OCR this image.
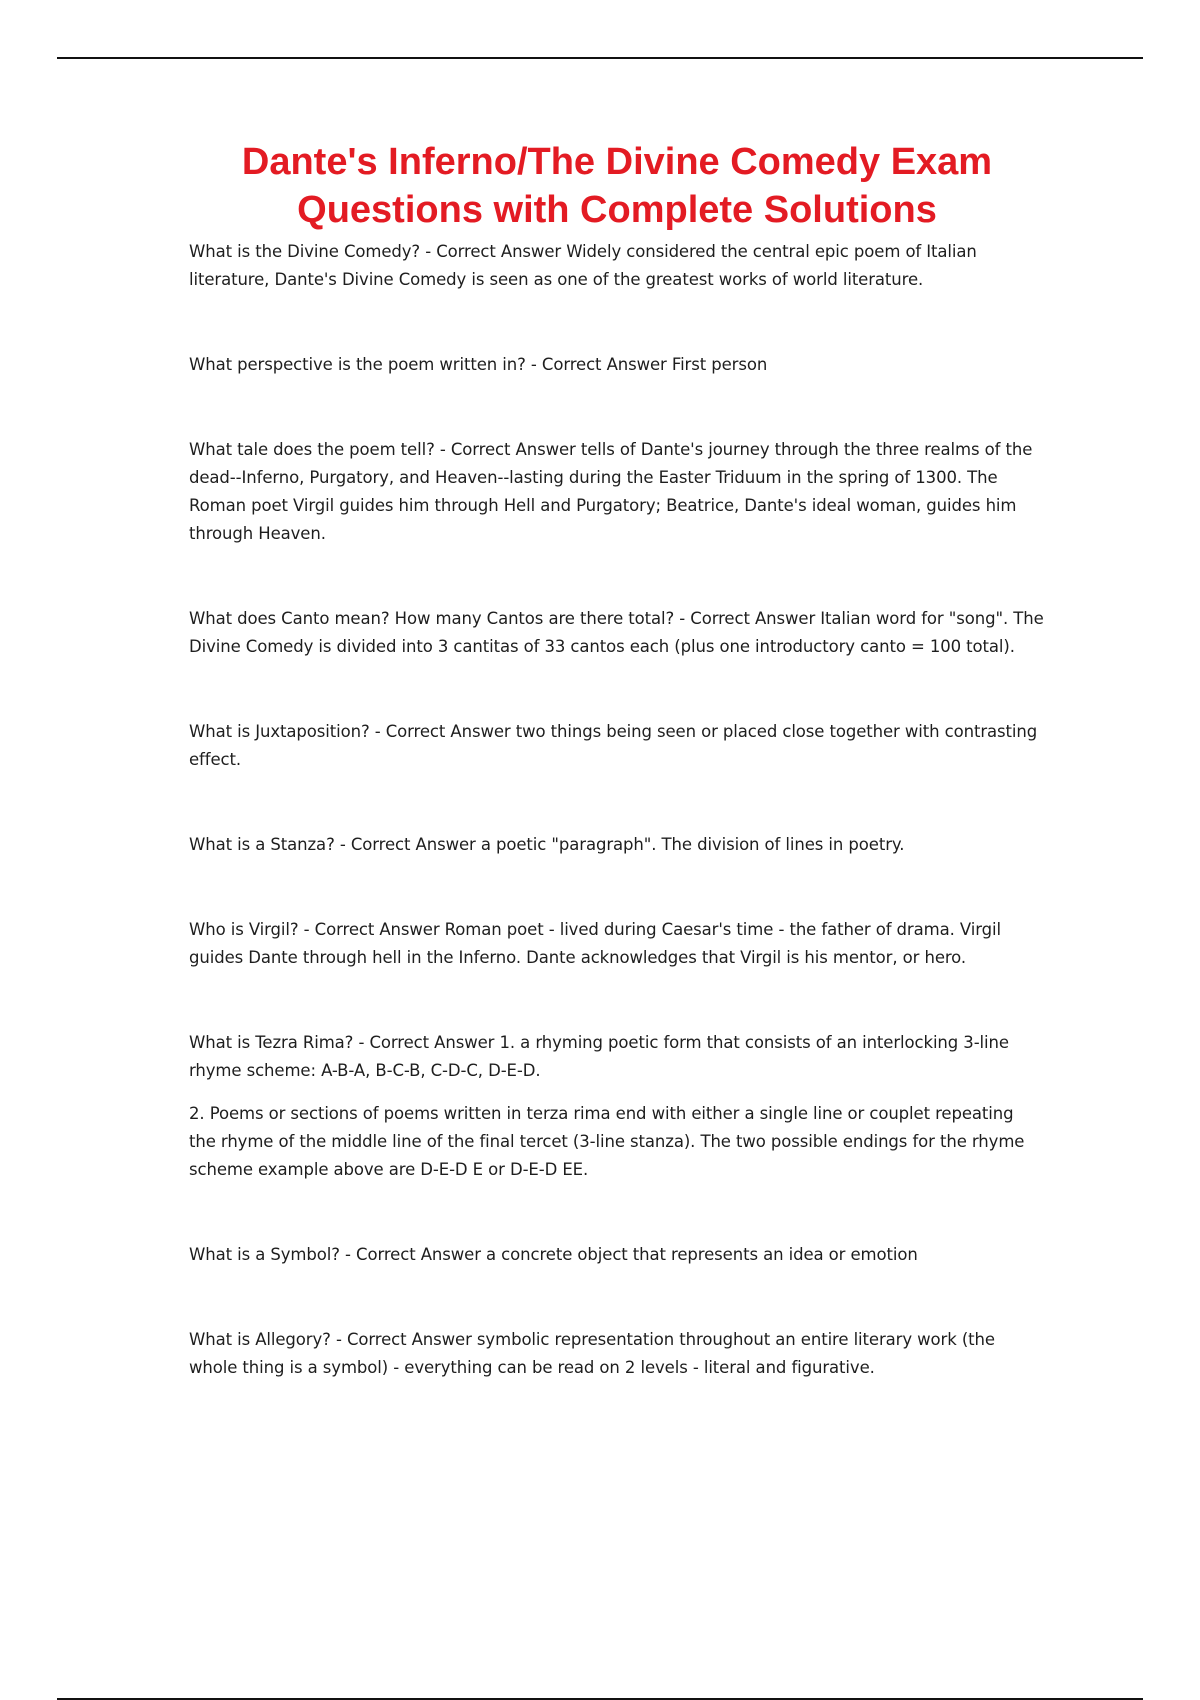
Dante's Inferno/The Divine Comedy Exam Questions with Complete Solutions

What is the Divine Comedy? - Correct Answer Widely considered the central epic poem of Italian literature, Dante's Divine Comedy is seen as one of the greatest works of world literature.

What perspective is the poem written in? - Correct Answer First person

What tale does the poem tell? - Correct Answer tells of Dante's journey through the three realms of the dead--Inferno, Purgatory, and Heaven--lasting during the Easter Triduum in the spring of 1300. The Roman poet Virgil guides him through Hell and Purgatory; Beatrice, Dante's ideal woman, guides him through Heaven.

What does Canto mean? How many Cantos are there total? - Correct Answer Italian word for "song". The Divine Comedy is divided into 3 cantitas of 33 cantos each (plus one introductory canto = 100 total).

What is Juxtaposition? - Correct Answer two things being seen or placed close together with contrasting effect.

What is a Stanza? - Correct Answer a poetic "paragraph". The division of lines in poetry.

Who is Virgil? - Correct Answer Roman poet - lived during Caesar's time - the father of drama. Virgil guides Dante through hell in the Inferno. Dante acknowledges that Virgil is his mentor, or hero.

What is Tezra Rima? - Correct Answer 1. a rhyming poetic form that consists of an interlocking 3-line rhyme scheme: A-B-A, B-C-B, C-D-C, D-E-D.

2. Poems or sections of poems written in terza rima end with either a single line or couplet repeating the rhyme of the middle line of the final tercet (3-line stanza). The two possible endings for the rhyme scheme example above are D-E-D E or D-E-D EE.

What is a Symbol? - Correct Answer a concrete object that represents an idea or emotion

What is Allegory? - Correct Answer symbolic representation throughout an entire literary work (the whole thing is a symbol) - everything can be read on 2 levels - literal and figurative.
